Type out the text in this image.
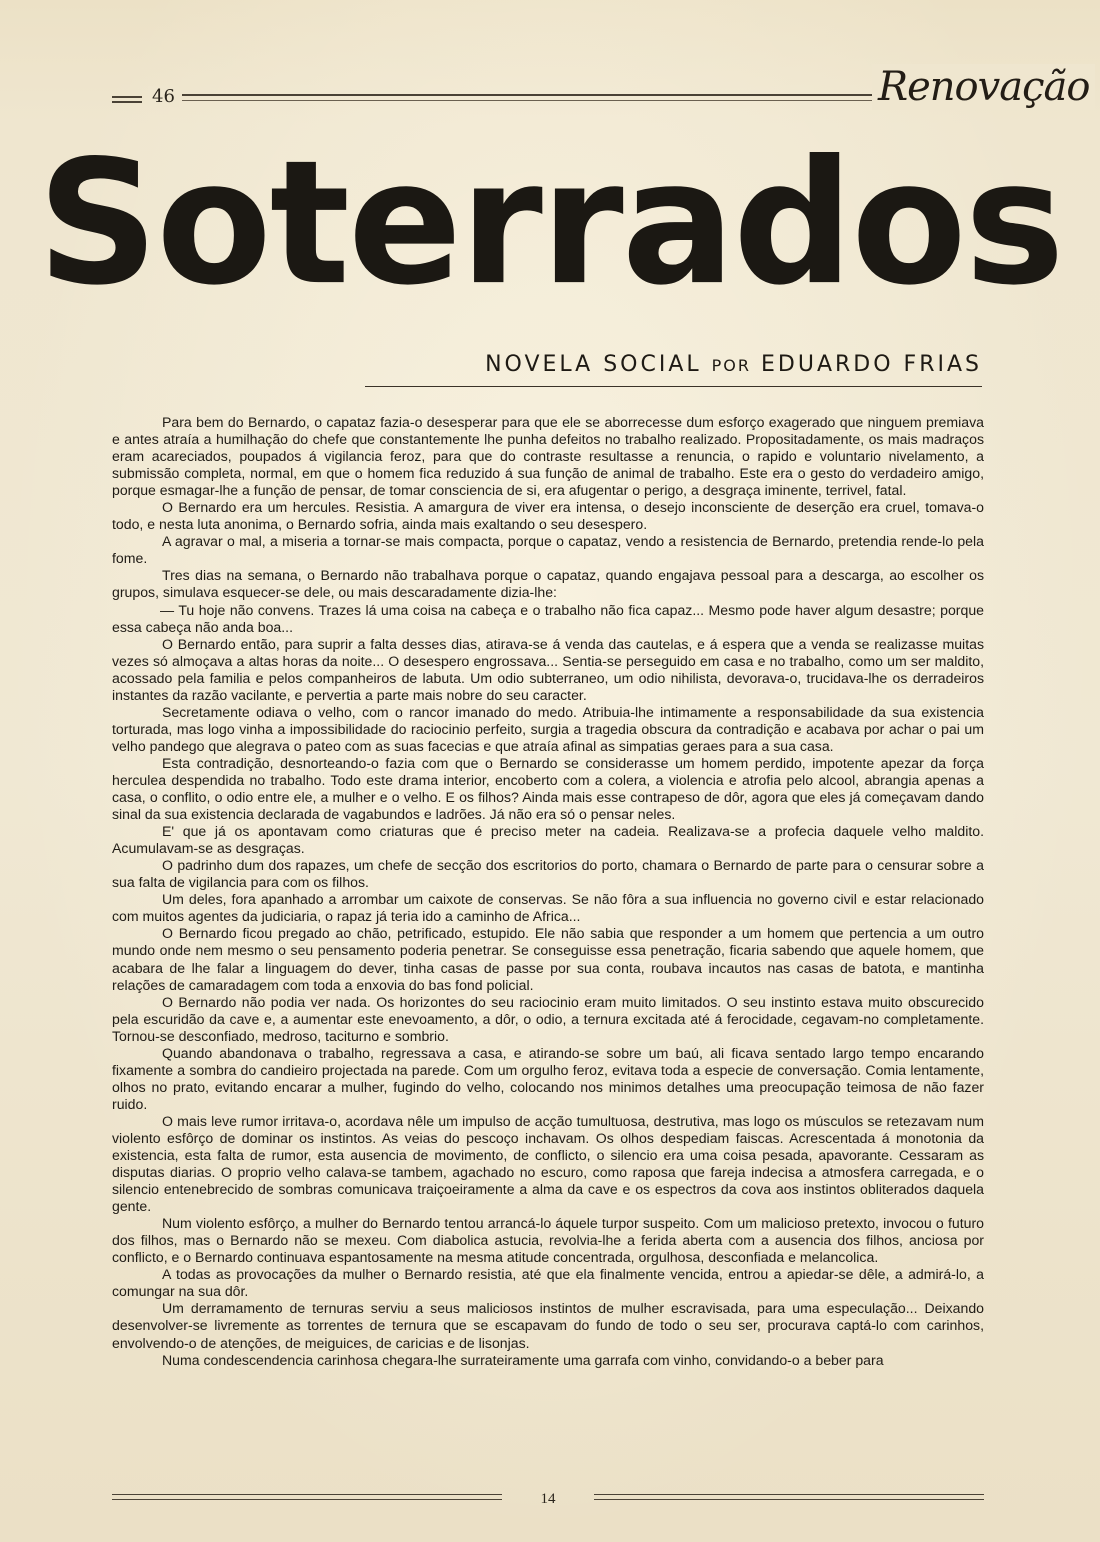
46	Renovação
Soterrados
NOVELA SOCIAL POR EDUARDO FRIAS

Para bem do Bernardo, o capataz fazia-o desesperar para que ele se aborrecesse dum esforço exagerado que ninguem premiava e antes atraía a humilhação do chefe que constantemente lhe punha defeitos no trabalho realizado. Propositadamente, os mais madraços eram acareciados, poupados á vigilancia feroz, para que do contraste resultasse a renuncia, o rapido e voluntario nivelamento, a submissão completa, normal, em que o homem fica reduzido á sua função de animal de trabalho. Este era o gesto do verdadeiro amigo, porque esmagar-lhe a função de pensar, de tomar consciencia de si, era afugentar o perigo, a desgraça iminente, terrivel, fatal.

O Bernardo era um hercules. Resistia. A amargura de viver era intensa, o desejo inconsciente de deserção era cruel, tomava-o todo, e nesta luta anonima, o Bernardo sofria, ainda mais exaltando o seu desespero.

A agravar o mal, a miseria a tornar-se mais compacta, porque o capataz, vendo a resistencia de Bernardo, pretendia rende-lo pela fome.

Tres dias na semana, o Bernardo não trabalhava porque o capataz, quando engajava pessoal para a descarga, ao escolher os grupos, simulava esquecer-se dele, ou mais descaradamente dizia-lhe:

— Tu hoje não convens. Trazes lá uma coisa na cabeça e o trabalho não fica capaz... Mesmo pode haver algum desastre; porque essa cabeça não anda boa...

O Bernardo então, para suprir a falta desses dias, atirava-se á venda das cautelas, e á espera que a venda se realizasse muitas vezes só almoçava a altas horas da noite... O desespero engrossava... Sentia-se perseguido em casa e no trabalho, como um ser maldito, acossado pela familia e pelos companheiros de labuta. Um odio subterraneo, um odio nihilista, devorava-o, trucidava-lhe os derradeiros instantes da razão vacilante, e pervertia a parte mais nobre do seu caracter.

Secretamente odiava o velho, com o rancor imanado do medo. Atribuia-lhe intimamente a responsabilidade da sua existencia torturada, mas logo vinha a impossibilidade do raciocinio perfeito, surgia a tragedia obscura da contradição e acabava por achar o pai um velho pandego que alegrava o pateo com as suas facecias e que atraía afinal as simpatias geraes para a sua casa.

Esta contradição, desnorteando-o fazia com que o Bernardo se considerasse um homem perdido, impotente apezar da força herculea despendida no trabalho. Todo este drama interior, encoberto com a colera, a violencia e atrofia pelo alcool, abrangia apenas a casa, o conflito, o odio entre ele, a mulher e o velho. E os filhos? Ainda mais esse contrapeso de dôr, agora que eles já começavam dando sinal da sua existencia declarada de vagabundos e ladrões. Já não era só o pensar neles.

E' que já os apontavam como criaturas que é preciso meter na cadeia. Realizava-se a profecia daquele velho maldito. Acumulavam-se as desgraças.

O padrinho dum dos rapazes, um chefe de secção dos escritorios do porto, chamara o Bernardo de parte para o censurar sobre a sua falta de vigilancia para com os filhos.

Um deles, fora apanhado a arrombar um caixote de conservas. Se não fôra a sua influencia no governo civil e estar relacionado com muitos agentes da judiciaria, o rapaz já teria ido a caminho de Africa...

O Bernardo ficou pregado ao chão, petrificado, estupido. Ele não sabia que responder a um homem que pertencia a um outro mundo onde nem mesmo o seu pensamento poderia penetrar. Se conseguisse essa penetração, ficaria sabendo que aquele homem, que acabara de lhe falar a linguagem do dever, tinha casas de passe por sua conta, roubava incautos nas casas de batota, e mantinha relações de camaradagem com toda a enxovia do bas fond policial.

O Bernardo não podia ver nada. Os horizontes do seu raciocinio eram muito limitados. O seu instinto estava muito obscurecido pela escuridão da cave e, a aumentar este enevoamento, a dôr, o odio, a ternura excitada até á ferocidade, cegavam-no completamente. Tornou-se desconfiado, medroso, taciturno e sombrio.

Quando abandonava o trabalho, regressava a casa, e atirando-se sobre um baú, ali ficava sentado largo tempo encarando fixamente a sombra do candieiro projectada na parede. Com um orgulho feroz, evitava toda a especie de conversação. Comia lentamente, olhos no prato, evitando encarar a mulher, fugindo do velho, colocando nos minimos detalhes uma preocupação teimosa de não fazer ruido.

O mais leve rumor irritava-o, acordava nêle um impulso de acção tumultuosa, destrutiva, mas logo os músculos se retezavam num violento esfôrço de dominar os instintos. As veias do pescoço inchavam. Os olhos despediam faiscas. Acrescentada á monotonia da existencia, esta falta de rumor, esta ausencia de movimento, de conflicto, o silencio era uma coisa pesada, apavorante. Cessaram as disputas diarias. O proprio velho calava-se tambem, agachado no escuro, como raposa que fareja indecisa a atmosfera carregada, e o silencio entenebrecido de sombras comunicava traiçoeiramente a alma da cave e os espectros da cova aos instintos obliterados daquela gente.

Num violento esfôrço, a mulher do Bernardo tentou arrancá-lo áquele turpor suspeito. Com um malicioso pretexto, invocou o futuro dos filhos, mas o Bernardo não se mexeu. Com diabolica astucia, revolvia-lhe a ferida aberta com a ausencia dos filhos, anciosa por conflicto, e o Bernardo continuava espantosamente na mesma atitude concentrada, orgulhosa, desconfiada e melancolica.

A todas as provocações da mulher o Bernardo resistia, até que ela finalmente vencida, entrou a apiedar-se dêle, a admirá-lo, a comungar na sua dôr.

Um derramamento de ternuras serviu a seus maliciosos instintos de mulher escravisada, para uma especulação... Deixando desenvolver-se livremente as torrentes de ternura que se escapavam do fundo de todo o seu ser, procurava captá-lo com carinhos, envolvendo-o de atenções, de meiguices, de caricias e de lisonjas.

Numa condescendencia carinhosa chegara-lhe surrateiramente uma garrafa com vinho, convidando-o a beber para

14
